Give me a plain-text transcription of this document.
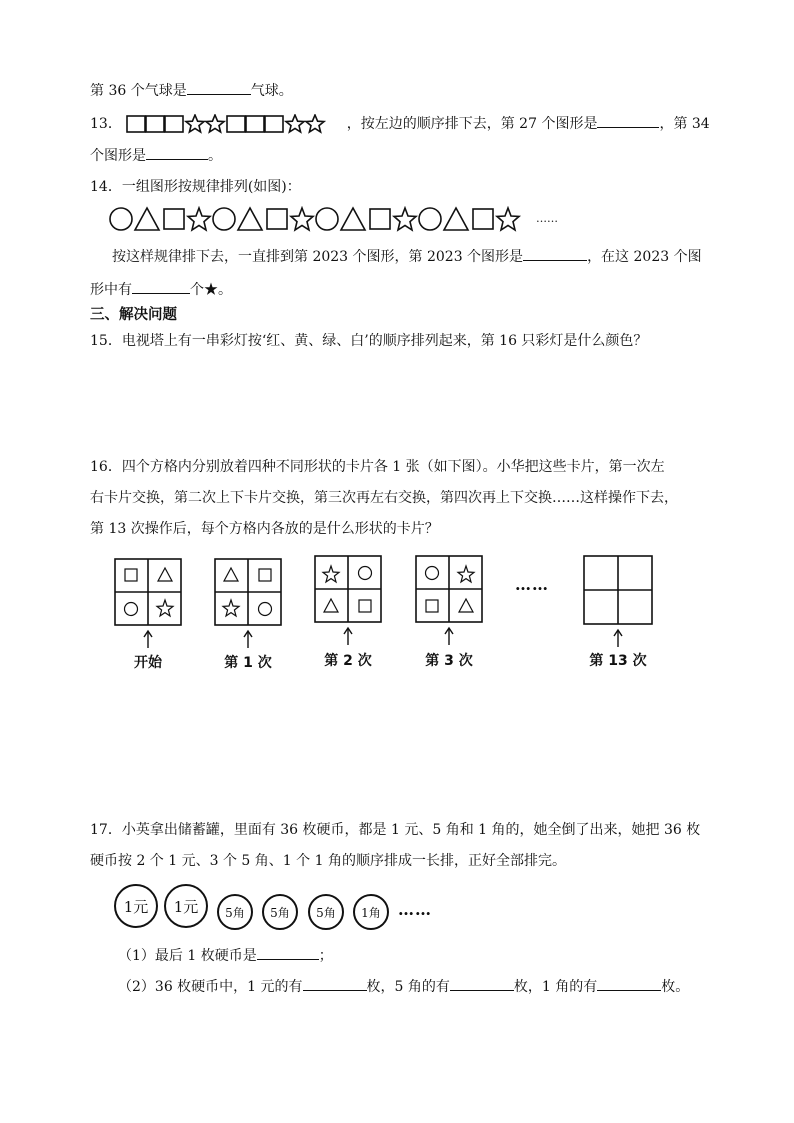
第 36 个气球是	气球。
13．	，按左边的顺序排下去，第 27 个图形是	，第 34
个图形是	。
14．一组图形按规律排列(如图)：
……
按这样规律排下去，一直排到第 2023 个图形，第 2023 个图形是	，在这 2023 个图
形中有	个★。
三、解决问题
15．电视塔上有一串彩灯按‘红、黄、绿、白’的顺序排列起来，第 16 只彩灯是什么颜色？
16．四个方格内分别放着四种不同形状的卡片各 1 张（如下图）。小华把这些卡片，第一次左
右卡片交换，第二次上下卡片交换，第三次再左右交换，第四次再上下交换……这样操作下去，
第 13 次操作后，每个方格内各放的是什么形状的卡片？
……
开始	第 1 次	第 2 次	第 3 次	第 13 次
17．小英拿出储蓄罐，里面有 36 枚硬币，都是 1 元、5 角和 1 角的，她全倒了出来，她把 36 枚
硬币按 2 个 1 元、3 个 5 角、1 个 1 角的顺序排成一长排，正好全部排完。
1元	1元	5角	5角	5角	1角	……
（1）最后 1 枚硬币是	；
（2）36 枚硬币中，1 元的有	枚，5 角的有	枚，1 角的有	枚。
